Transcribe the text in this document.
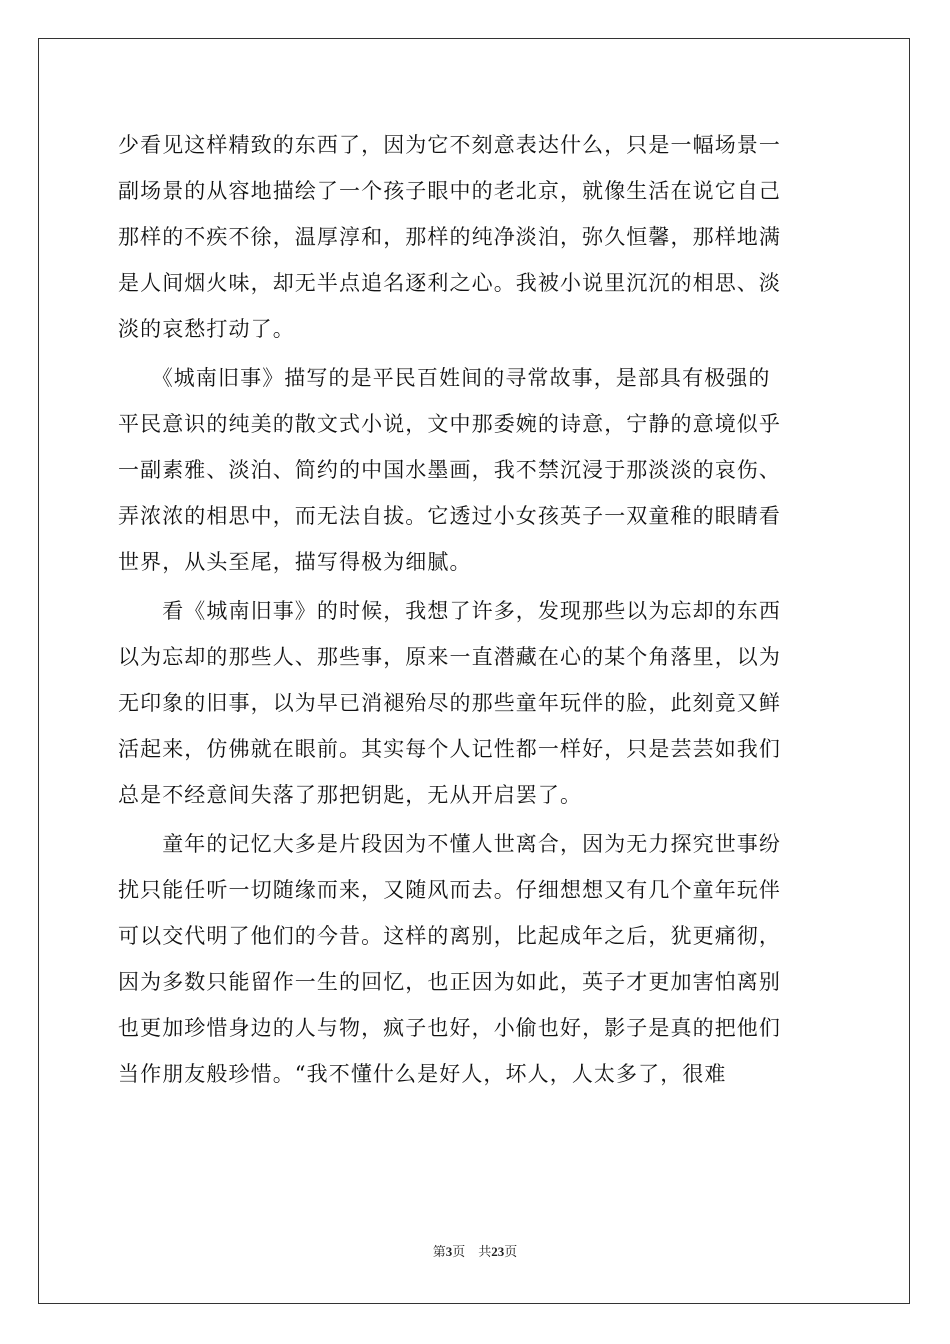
少看见这样精致的东西了，因为它不刻意表达什么，只是一幅场景一
副场景的从容地描绘了一个孩子眼中的老北京，就像生活在说它自己
那样的不疾不徐，温厚淳和，那样的纯净淡泊，弥久恒馨，那样地满
是人间烟火味，却无半点追名逐利之心。我被小说里沉沉的相思、淡
淡的哀愁打动了。

　　《城南旧事》描写的是平民百姓间的寻常故事，是部具有极强的
平民意识的纯美的散文式小说，文中那委婉的诗意，宁静的意境似乎
一副素雅、淡泊、简约的中国水墨画，我不禁沉浸于那淡淡的哀伤、
弄浓浓的相思中，而无法自拔。它透过小女孩英子一双童稚的眼睛看
世界，从头至尾，描写得极为细腻。

　　看《城南旧事》的时候，我想了许多，发现那些以为忘却的东西
以为忘却的那些人、那些事，原来一直潜藏在心的某个角落里，以为
无印象的旧事，以为早已消褪殆尽的那些童年玩伴的脸，此刻竟又鲜
活起来，仿佛就在眼前。其实每个人记性都一样好，只是芸芸如我们
总是不经意间失落了那把钥匙，无从开启罢了。

　　童年的记忆大多是片段因为不懂人世离合，因为无力探究世事纷
扰只能任听一切随缘而来，又随风而去。仔细想想又有几个童年玩伴
可以交代明了他们的今昔。这样的离别，比起成年之后，犹更痛彻，
因为多数只能留作一生的回忆，也正因为如此，英子才更加害怕离别
也更加珍惜身边的人与物，疯子也好，小偷也好，影子是真的把他们
当作朋友般珍惜。“我不懂什么是好人，坏人，人太多了，很难

第3页　 共23页
